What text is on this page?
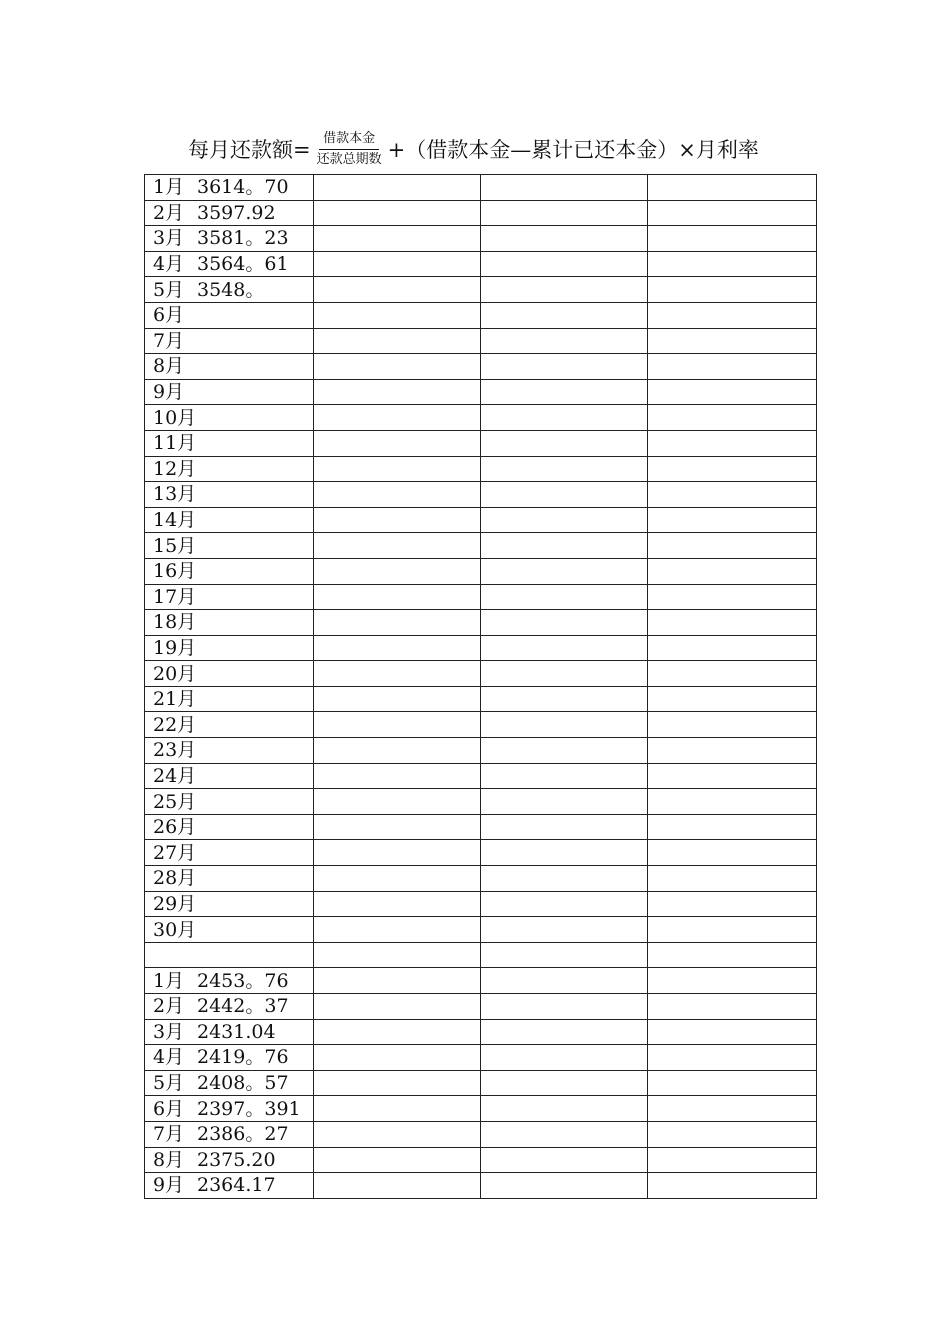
每月还款额= $\frac{\text{借款本金}}{\text{还款总期数}}$ +（借款本金—累计已还本金）×月利率
1月 3614。70			
2月 3597.92			
3月 3581。23			
4月 3564。61			
5月 3548。			
6月			
7月			
8月			
9月			
10月			
11月			
12月			
13月			
14月			
15月			
16月			
17月			
18月			
19月			
20月			
21月			
22月			
23月			
24月			
25月			
26月			
27月			
28月			
29月			
30月			

1月 2453。76			
2月 2442。37			
3月 2431.04			
4月 2419。76			
5月 2408。57			
6月 2397。391			
7月 2386。27			
8月 2375.20			
9月 2364.17			
